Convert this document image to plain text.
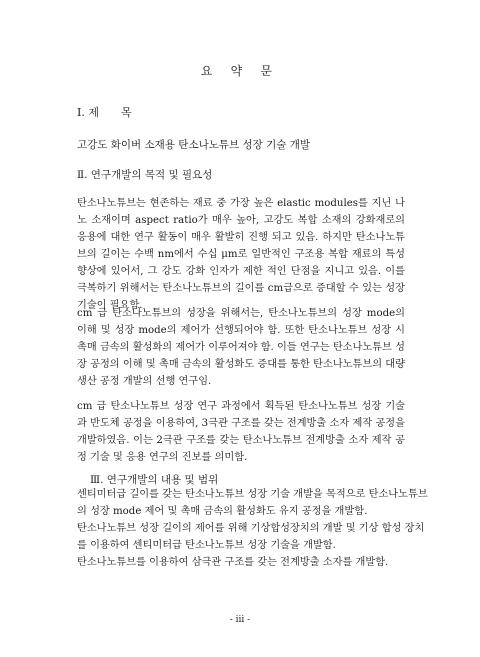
요 약 문
Ⅰ. 제 목
고강도 화이버 소재용 탄소나노튜브 성장 기술 개발
Ⅱ. 연구개발의 목적 및 필요성

탄소나노튜브는 현존하는 재료 중 가장 높은 elastic modules를 지닌 나노 소재이며 aspect ratio가 매우 높아, 고강도 복합 소재의 강화재로의 응용에 대한 연구 활동이 매우 활발히 진행 되고 있음. 하지만 탄소나노튜브의 길이는 수백 nm에서 수십 μm로 일반적인 구조용 복합 재료의 특성 향상에 있어서, 그 강도 강화 인자가 제한 적인 단점을 지니고 있음. 이를 극복하기 위해서는 탄소나노튜브의 길이를 cm급으로 증대할 수 있는 성장 기술이 필요함.

cm 급 탄소나노튜브의 성장을 위해서는, 탄소나노튜브의 성장 mode의 이해 및 성장 mode의 제어가 선행되어야 함. 또한 탄소나노튜브 성장 시 촉매 금속의 활성화의 제어가 이루어져야 함. 이들 연구는 탄소나노튜브 성장 공정의 이해 및 촉매 금속의 활성화도 증대를 통한 탄소나노튜브의 대량 생산 공정 개발의 선행 연구임.

cm 급 탄소나노튜브 성장 연구 과정에서 획득된 탄소나노튜브 성장 기술과 반도체 공정을 이용하여, 3극관 구조를 갖는 전계방출 소자 제작 공정을 개발하였음. 이는 2극관 구조를 갖는 탄소나노튜브 전계방출 소자 제작 공정 기술 및 응용 연구의 진보를 의미함.

Ⅲ. 연구개발의 내용 및 범위
센티미터급 길이를 갖는 탄소나노튜브 성장 기술 개발을 목적으로 탄소나노튜브
의 성장 mode 제어 및 촉매 금속의 활성화도 유지 공정을 개발함.
탄소나노튜브 성장 길이의 제어를 위해 기상합성장치의 개발 및 기상 합성 장치
를 이용하여 센티미터급 탄소나노튜브 성장 기술을 개발함.
탄소나노튜브를 이용하여 삼극관 구조를 갖는 전계방출 소자를 개발함.
- iii -
